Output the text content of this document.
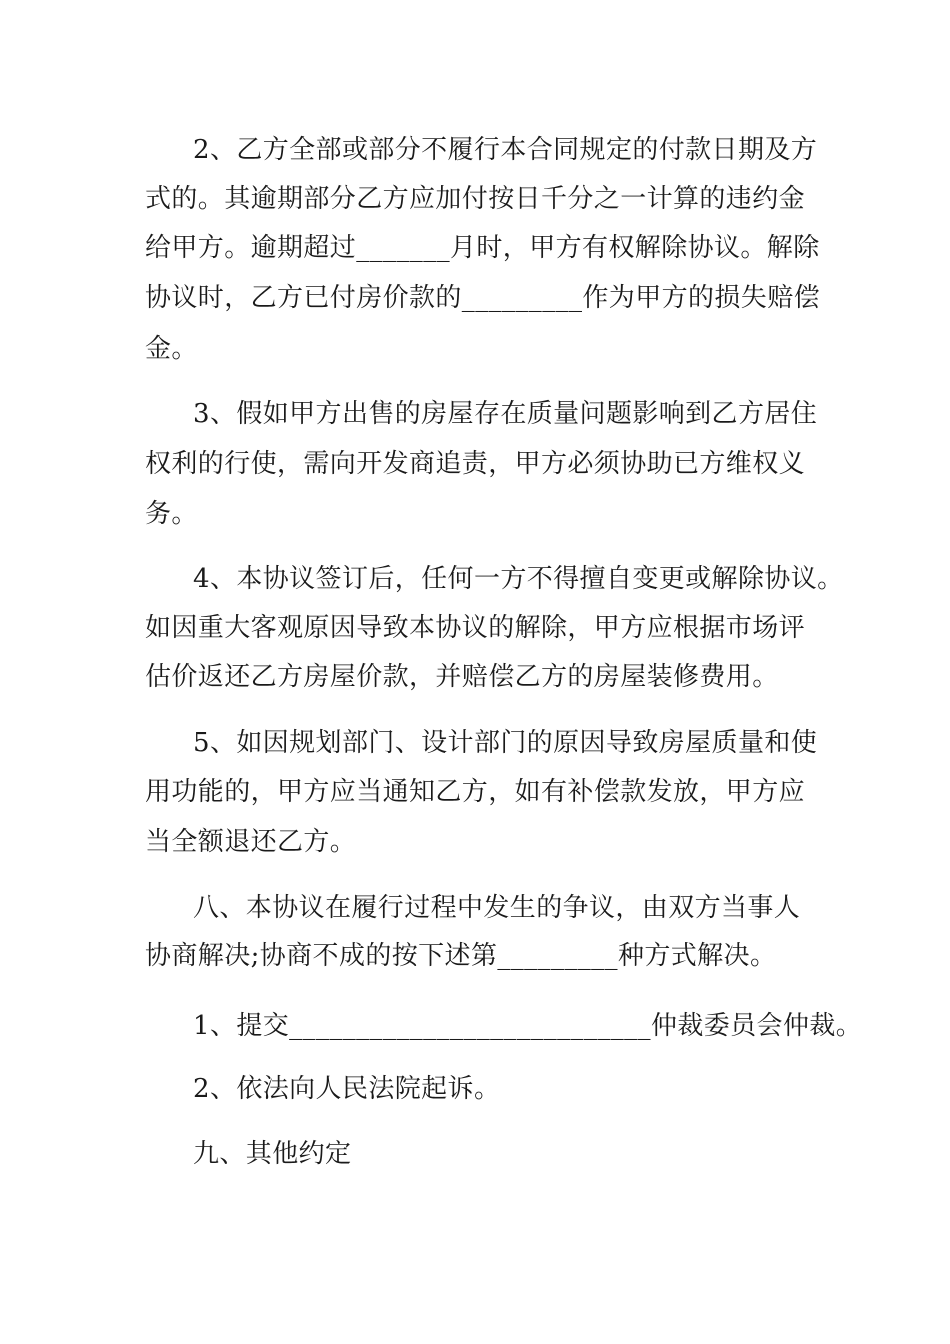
2、乙方全部或部分不履行本合同规定的付款日期及方
式的。其逾期部分乙方应加付按日千分之一计算的违约金
给甲方。逾期超过_______月时，甲方有权解除协议。解除
协议时，乙方已付房价款的_________作为甲方的损失赔偿
金。
3、假如甲方出售的房屋存在质量问题影响到乙方居住
权利的行使，需向开发商追责，甲方必须协助已方维权义
务。
4、本协议签订后，任何一方不得擅自变更或解除协议。
如因重大客观原因导致本协议的解除，甲方应根据市场评
估价返还乙方房屋价款，并赔偿乙方的房屋装修费用。
5、如因规划部门、设计部门的原因导致房屋质量和使
用功能的，甲方应当通知乙方，如有补偿款发放，甲方应
当全额退还乙方。
八、本协议在履行过程中发生的争议，由双方当事人
协商解决;协商不成的按下述第_________种方式解决。
1、提交___________________________仲裁委员会仲裁。
2、依法向人民法院起诉。
九、其他约定
